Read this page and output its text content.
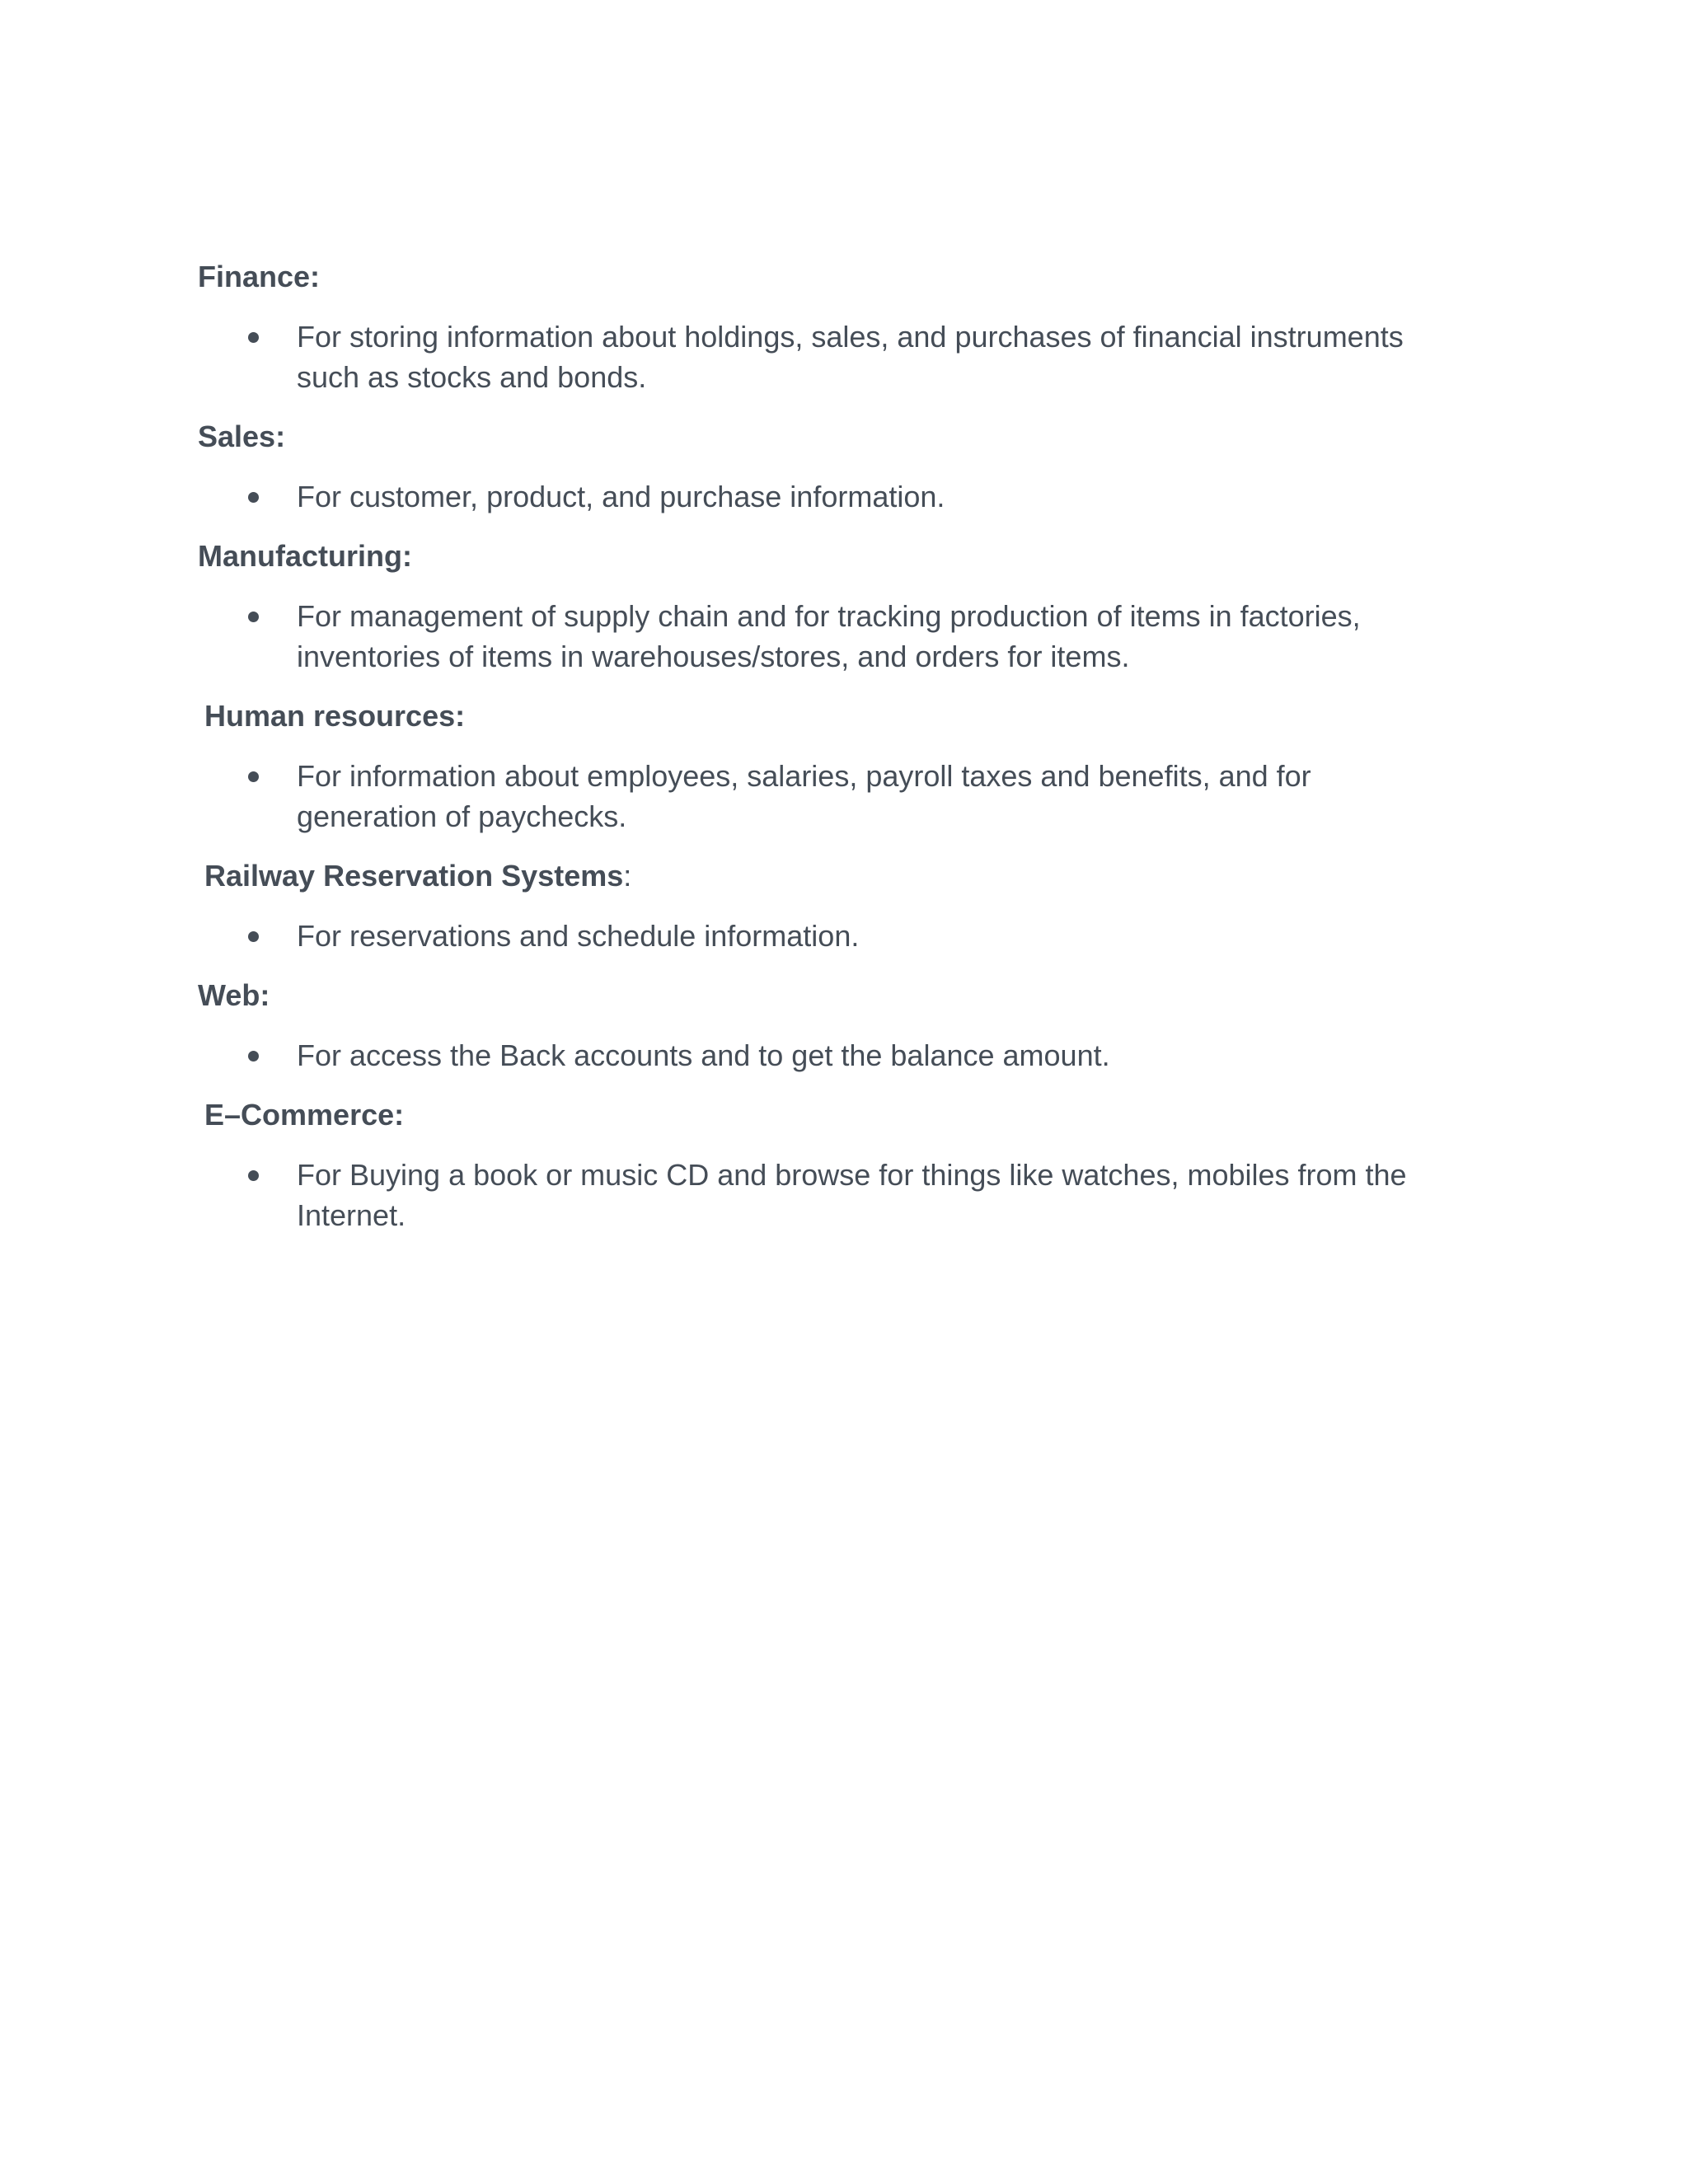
Finance:

For storing information about holdings, sales, and purchases of financial instruments such as stocks and bonds.

Sales:

For customer, product, and purchase information.

Manufacturing:

For management of supply chain and for tracking production of items in factories, inventories of items in warehouses/stores, and orders for items.

Human resources:

For information about employees, salaries, payroll taxes and benefits, and for generation of paychecks.

Railway Reservation Systems:

For reservations and schedule information.

Web:

For access the Back accounts and to get the balance amount.

E–Commerce:

For Buying a book or music CD and browse for things like watches, mobiles from the Internet.
